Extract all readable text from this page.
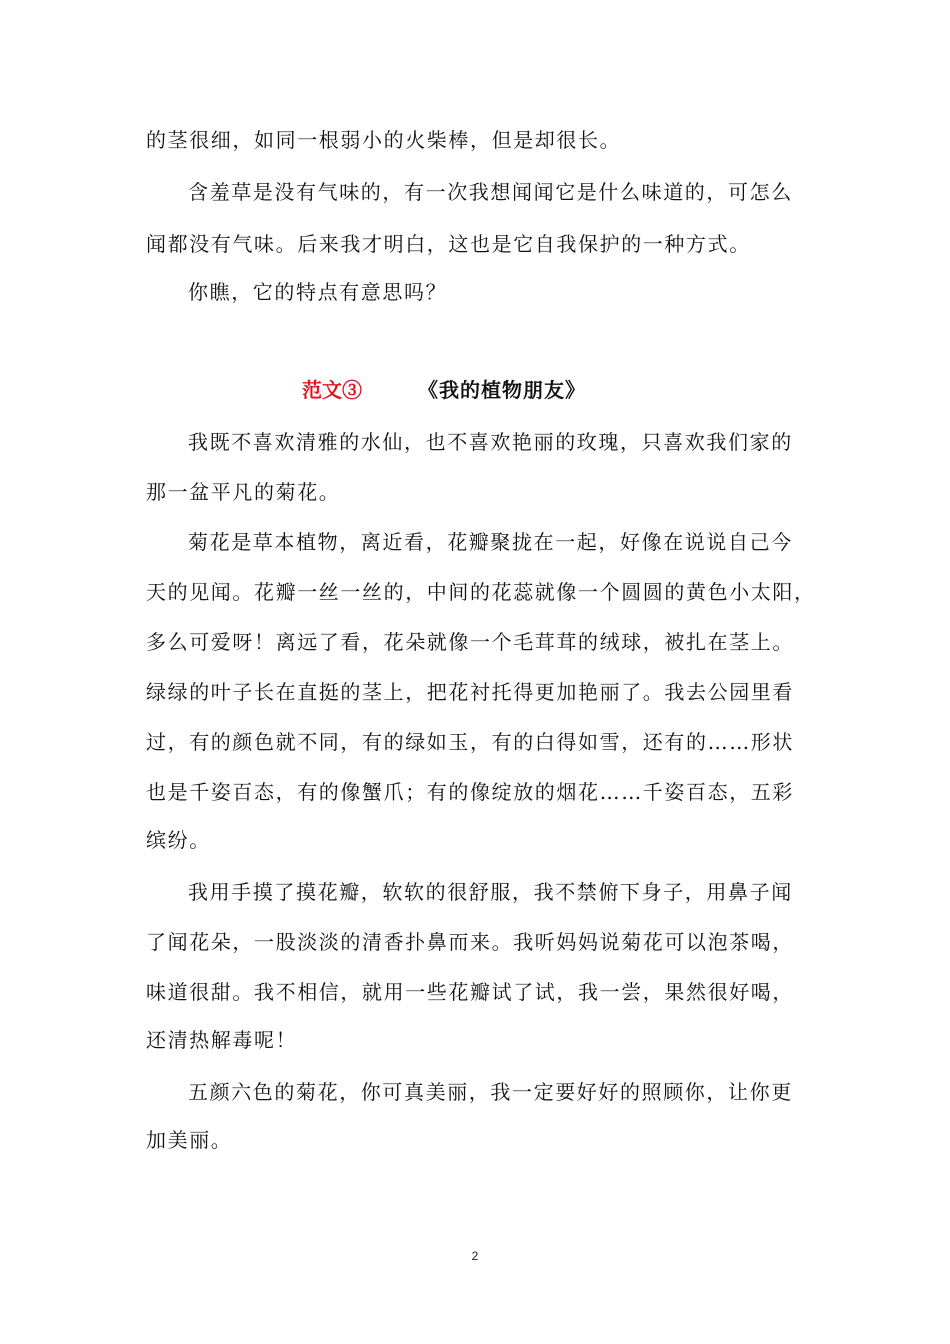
的茎很细，如同一根弱小的火柴棒，但是却很长。
含羞草是没有气味的，有一次我想闻闻它是什么味道的，可怎么
闻都没有气味。后来我才明白，这也是它自我保护的一种方式。
你瞧，它的特点有意思吗？
范文③	《我的植物朋友》
我既不喜欢清雅的水仙，也不喜欢艳丽的玫瑰，只喜欢我们家的
那一盆平凡的菊花。
菊花是草本植物，离近看，花瓣聚拢在一起，好像在说说自己今
天的见闻。花瓣一丝一丝的，中间的花蕊就像一个圆圆的黄色小太阳，
多么可爱呀！离远了看，花朵就像一个毛茸茸的绒球，被扎在茎上。
绿绿的叶子长在直挺的茎上，把花衬托得更加艳丽了。我去公园里看
过，有的颜色就不同，有的绿如玉，有的白得如雪，还有的……形状
也是千姿百态，有的像蟹爪；有的像绽放的烟花……千姿百态，五彩
缤纷。
我用手摸了摸花瓣，软软的很舒服，我不禁俯下身子，用鼻子闻
了闻花朵，一股淡淡的清香扑鼻而来。我听妈妈说菊花可以泡茶喝，
味道很甜。我不相信，就用一些花瓣试了试，我一尝，果然很好喝，
还清热解毒呢！
五颜六色的菊花，你可真美丽，我一定要好好的照顾你，让你更
加美丽。
2
